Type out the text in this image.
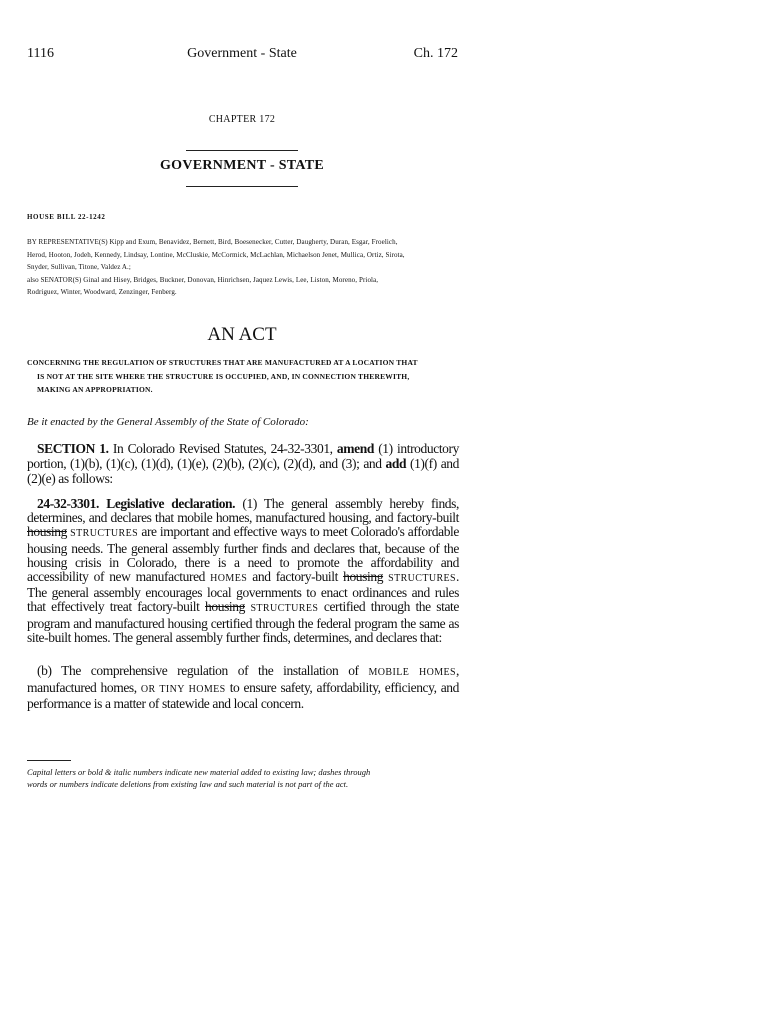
1116	Government - State	Ch. 172
CHAPTER 172
GOVERNMENT - STATE
HOUSE BILL 22-1242

BY REPRESENTATIVE(S) Kipp and Exum, Benavidez, Bernett, Bird, Boesenecker, Cutter, Daugherty, Duran, Esgar, Froelich,

Herod, Hooton, Jodeh, Kennedy, Lindsay, Lontine, McCluskie, McCormick, McLachlan, Michaelson Jenet, Mullica, Ortiz, Sirota,

Snyder, Sullivan, Titone, Valdez A.;

also SENATOR(S) Ginal and Hisey, Bridges, Buckner, Donovan, Hinrichsen, Jaquez Lewis, Lee, Liston, Moreno, Priola,

Rodriguez, Winter, Woodward, Zenzinger, Fenberg.

AN ACT
CONCERNING THE REGULATION OF STRUCTURES THAT ARE MANUFACTURED AT A LOCATION THAT
IS NOT AT THE SITE WHERE THE STRUCTURE IS OCCUPIED, AND, IN CONNECTION THEREWITH,
MAKING AN APPROPRIATION.
Be it enacted by the General Assembly of the State of Colorado:
SECTION 1. In Colorado Revised Statutes, 24-32-3301, amend (1) introductory portion, (1)(b), (1)(c), (1)(d), (1)(e), (2)(b), (2)(c), (2)(d), and (3); and add (1)(f) and (2)(e) as follows:
24-32-3301. Legislative declaration. (1) The general assembly hereby finds, determines, and declares that mobile homes, manufactured housing, and factory-built housing STRUCTURES are important and effective ways to meet Colorado's affordable housing needs. The general assembly further finds and declares that, because of the housing crisis in Colorado, there is a need to promote the affordability and accessibility of new manufactured HOMES and factory-built housing STRUCTURES. The general assembly encourages local governments to enact ordinances and rules that effectively treat factory-built housing STRUCTURES certified through the state program and manufactured housing certified through the federal program the same as site-built homes. The general assembly further finds, determines, and declares that:
(b) The comprehensive regulation of the installation of MOBILE HOMES, manufactured homes, OR TINY HOMES to ensure safety, affordability, efficiency, and performance is a matter of statewide and local concern.
Capital letters or bold & italic numbers indicate new material added to existing law; dashes through
words or numbers indicate deletions from existing law and such material is not part of the act.
